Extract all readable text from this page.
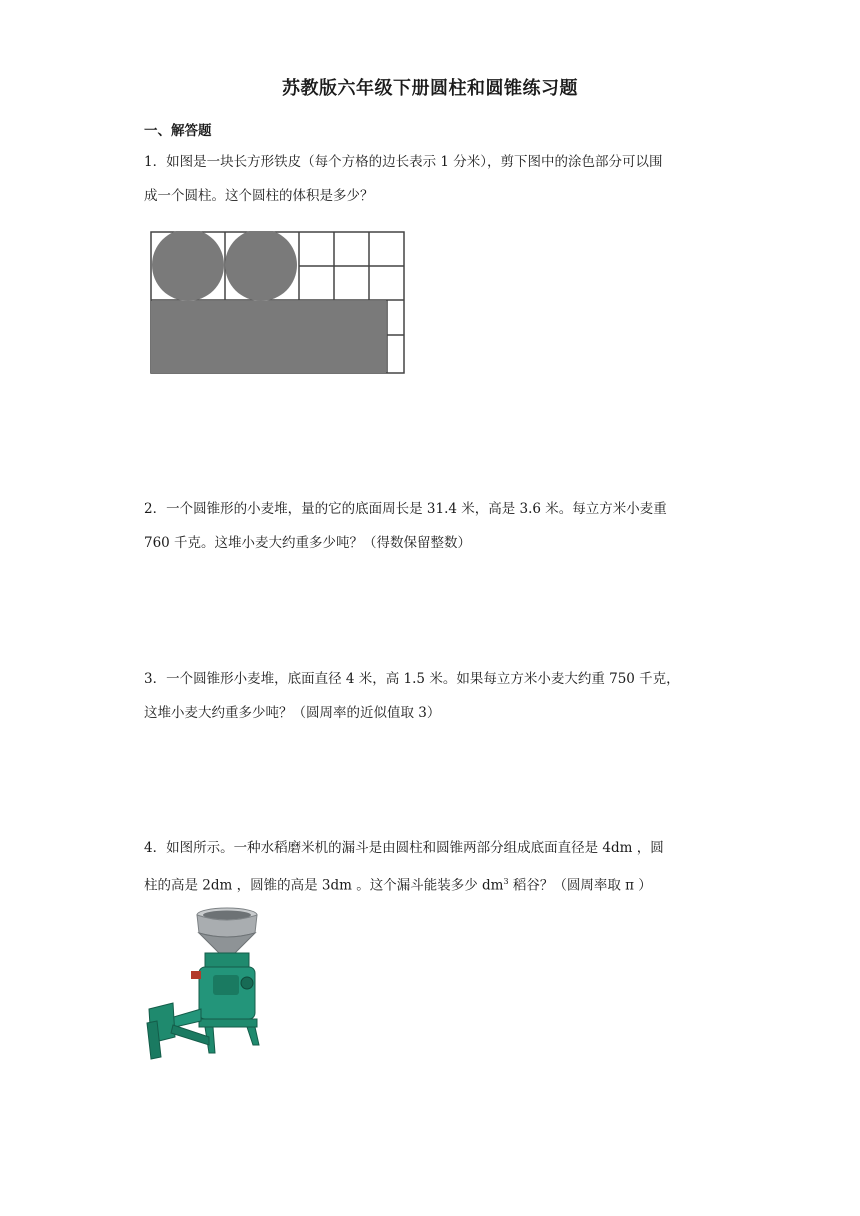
苏教版六年级下册圆柱和圆锥练习题
一、解答题

1．如图是一块长方形铁皮（每个方格的边长表示 1 分米），剪下图中的涂色部分可以围

成一个圆柱。这个圆柱的体积是多少？

2．一个圆锥形的小麦堆，量的它的底面周长是 31.4 米，高是 3.6 米。每立方米小麦重

760 千克。这堆小麦大约重多少吨？（得数保留整数）

3．一个圆锥形小麦堆，底面直径 4 米，高 1.5 米。如果每立方米小麦大约重 750 千克，

这堆小麦大约重多少吨？（圆周率的近似值取 3）

4．如图所示。一种水稻磨米机的漏斗是由圆柱和圆锥两部分组成底面直径是 4dm ，圆

柱的高是 2dm ，圆锥的高是 3dm 。这个漏斗能装多少 $dm^3$ 稻谷？（圆周率取 π ）
